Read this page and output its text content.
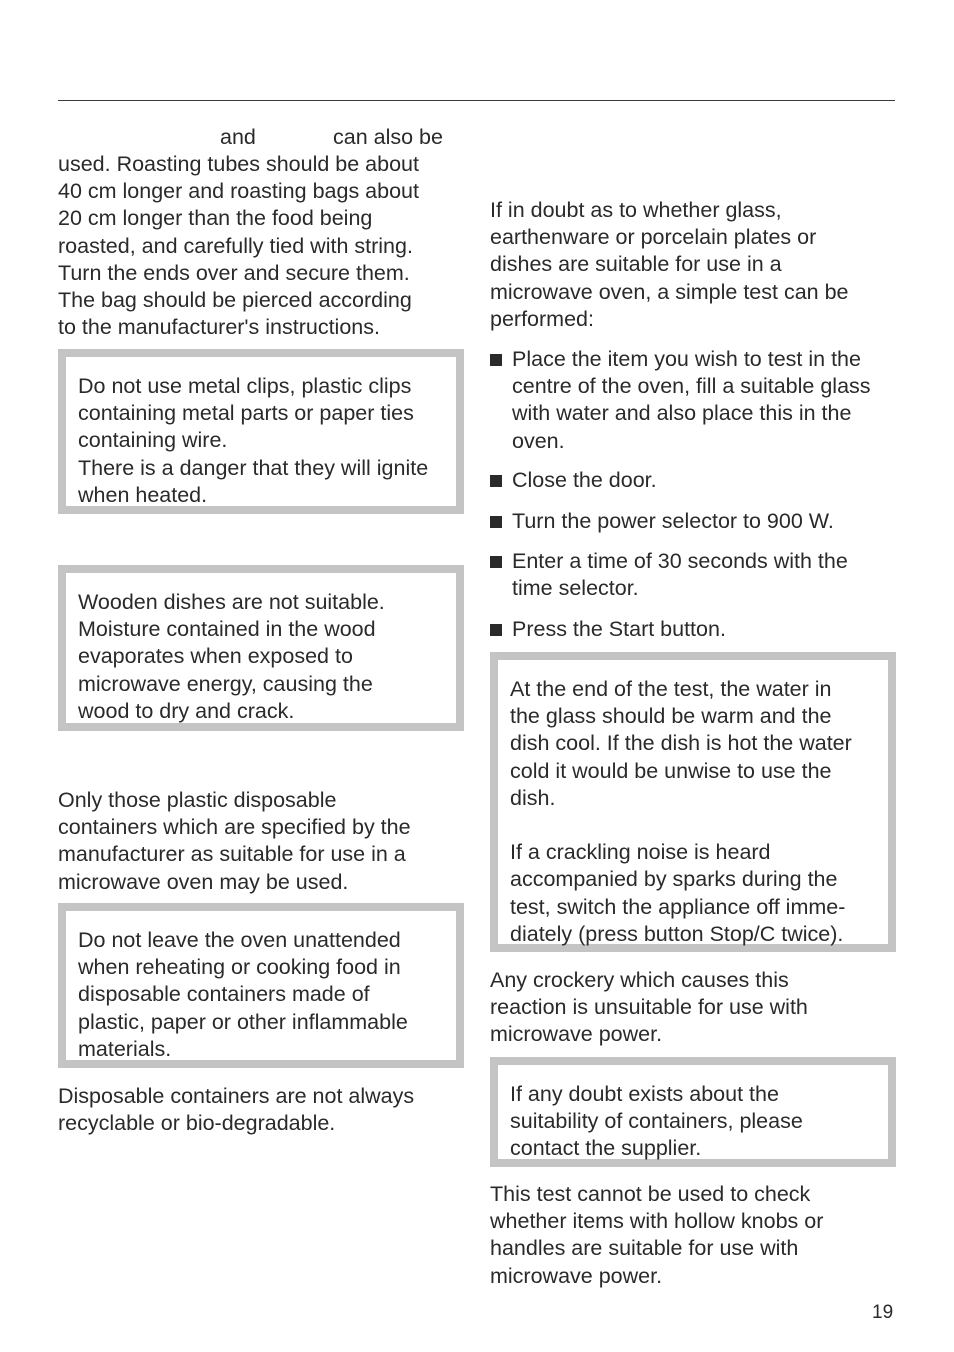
and	can also be

used. Roasting tubes should be about
40 cm longer and roasting bags about
20 cm longer than the food being
roasted, and carefully tied with string.
Turn the ends over and secure them.
The bag should be pierced according
to the manufacturer's instructions.

Do not use metal clips, plastic clips
containing metal parts or paper ties
containing wire.
There is a danger that they will ignite
when heated.
Wooden dishes are not suitable.
Moisture contained in the wood
evaporates when exposed to
microwave energy, causing the
wood to dry and crack.

Only those plastic disposable
containers which are specified by the
manufacturer as suitable for use in a
microwave oven may be used.

Do not leave the oven unattended
when reheating or cooking food in
disposable containers made of
plastic, paper or other inflammable
materials.

Disposable containers are not always
recyclable or bio-degradable.

If in doubt as to whether glass,
earthenware or porcelain plates or
dishes are suitable for use in a
microwave oven, a simple test can be
performed:

Place the item you wish to test in the
centre of the oven, fill a suitable glass
with water and also place this in the
oven.
Close the door.
Turn the power selector to 900 W.
Enter a time of 30 seconds with the
time selector.
Press the Start button.
At the end of the test, the water in
the glass should be warm and the
dish cool. If the dish is hot the water
cold it would be unwise to use the
dish.

If a crackling noise is heard
accompanied by sparks during the
test, switch the appliance off imme-
diately (press button Stop/C twice).

Any crockery which causes this
reaction is unsuitable for use with
microwave power.

If any doubt exists about the
suitability of containers, please
contact the supplier.

This test cannot be used to check
whether items with hollow knobs or
handles are suitable for use with
microwave power.

19
